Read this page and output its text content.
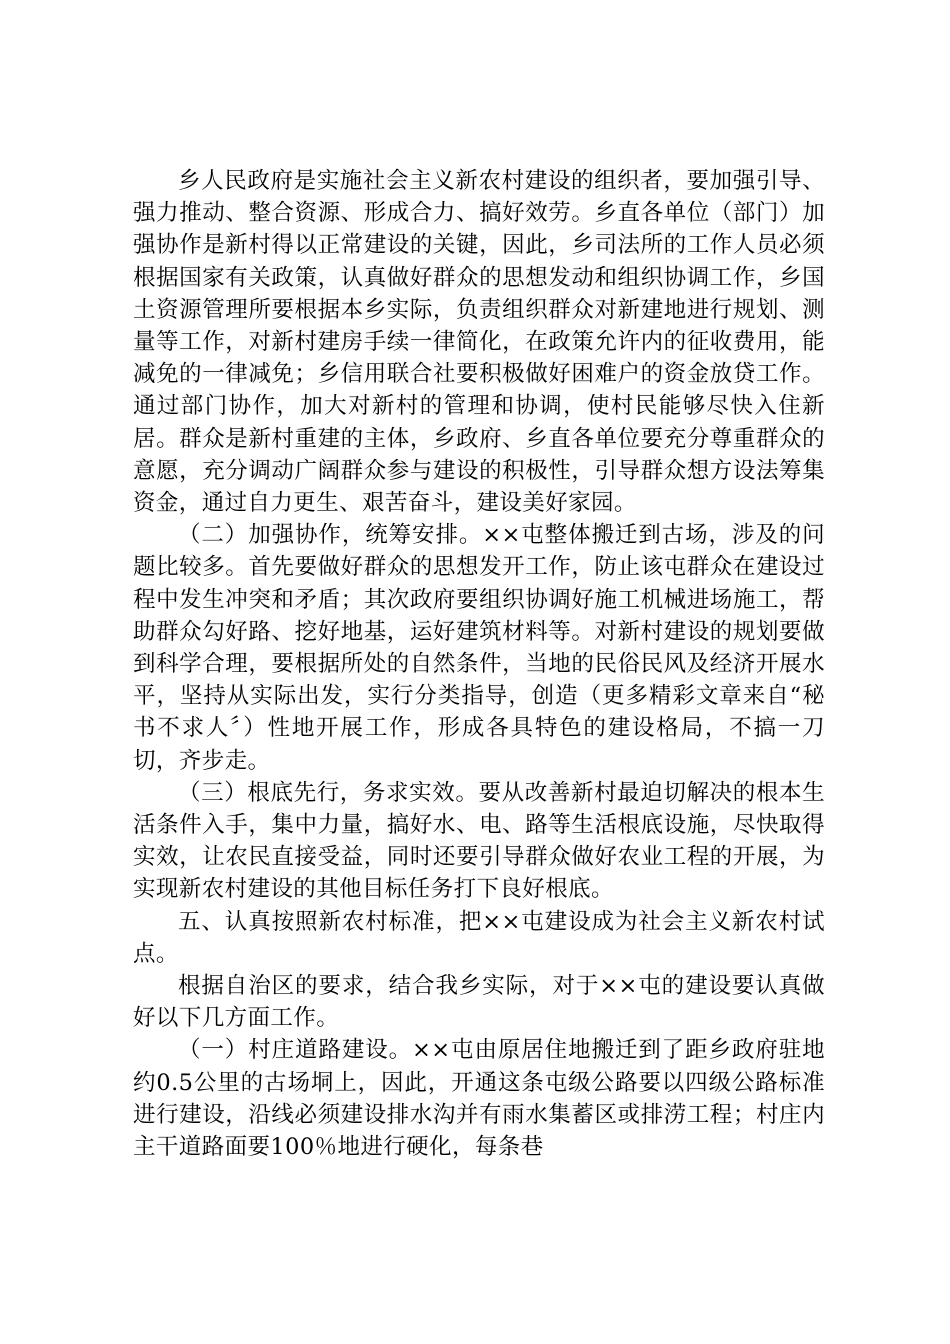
乡人民政府是实施社会主义新农村建设的组织者，要加强引导、强力推动、整合资源、形成合力、搞好效劳。乡直各单位（部门）加强协作是新村得以正常建设的关键，因此，乡司法所的工作人员必须根据国家有关政策，认真做好群众的思想发动和组织协调工作，乡国土资源管理所要根据本乡实际，负责组织群众对新建地进行规划、测量等工作，对新村建房手续一律简化，在政策允许内的征收费用，能减免的一律减免；乡信用联合社要积极做好困难户的资金放贷工作。通过部门协作，加大对新村的管理和协调，使村民能够尽快入住新居。群众是新村重建的主体，乡政府、乡直各单位要充分尊重群众的意愿，充分调动广阔群众参与建设的积极性，引导群众想方设法筹集资金，通过自力更生、艰苦奋斗，建设美好家园。

（二）加强协作，统筹安排。××屯整体搬迁到古场，涉及的问题比较多。首先要做好群众的思想发开工作，防止该屯群众在建设过程中发生冲突和矛盾；其次政府要组织协调好施工机械进场施工，帮助群众勾好路、挖好地基，运好建筑材料等。对新村建设的规划要做到科学合理，要根据所处的自然条件，当地的民俗民风及经济开展水平，坚持从实际出发，实行分类指导，创造（更多精彩文章来自“秘书不求人〞）性地开展工作，形成各具特色的建设格局，不搞一刀切，齐步走。

（三）根底先行，务求实效。要从改善新村最迫切解决的根本生活条件入手，集中力量，搞好水、电、路等生活根底设施，尽快取得实效，让农民直接受益，同时还要引导群众做好农业工程的开展，为实现新农村建设的其他目标任务打下良好根底。

五、认真按照新农村标准，把××屯建设成为社会主义新农村试点。

根据自治区的要求，结合我乡实际，对于××屯的建设要认真做好以下几方面工作。

（一）村庄道路建设。××屯由原居住地搬迁到了距乡政府驻地约0.5公里的古场垌上，因此，开通这条屯级公路要以四级公路标准进行建设，沿线必须建设排水沟并有雨水集蓄区或排涝工程；村庄内主干道路面要100％地进行硬化，每条巷
